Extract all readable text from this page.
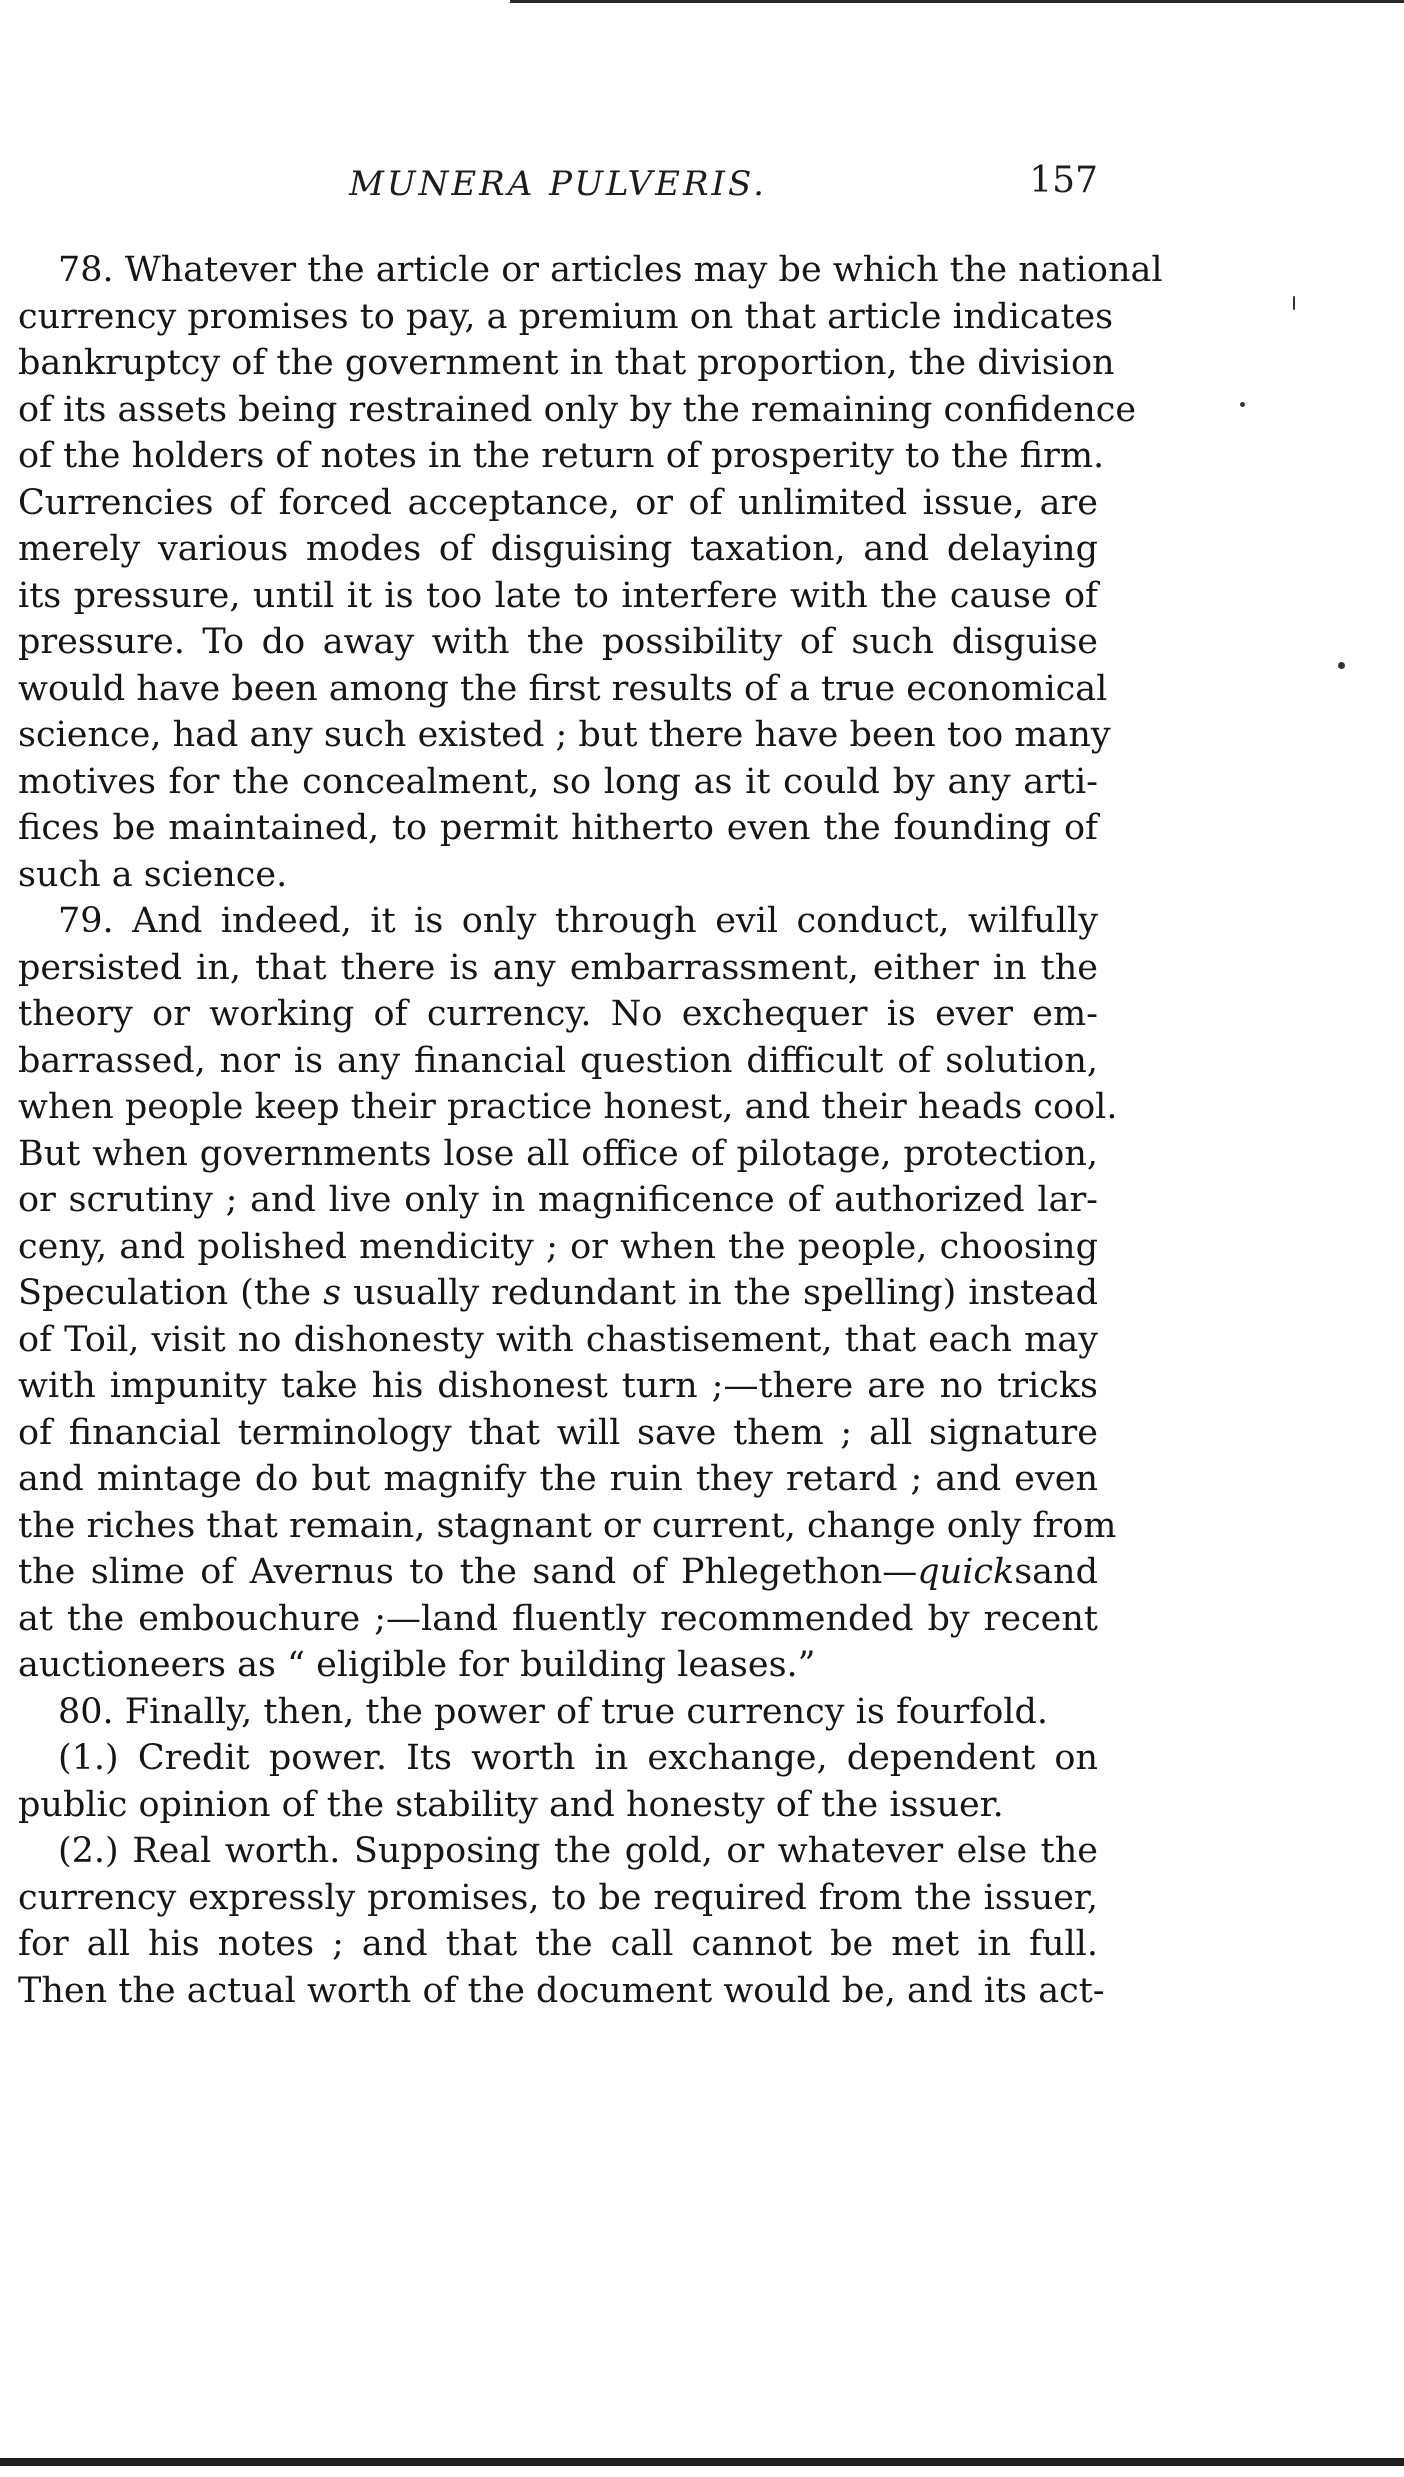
MUNERA PULVERIS.	157
78. Whatever the article or articles may be which the national
currency promises to pay, a premium on that article indicates
bankruptcy of the government in that proportion, the division
of its assets being restrained only by the remaining confidence
of the holders of notes in the return of prosperity to the firm.
Currencies of forced acceptance, or of unlimited issue, are
merely various modes of disguising taxation, and delaying
its pressure, until it is too late to interfere with the cause of
pressure. To do away with the possibility of such disguise
would have been among the first results of a true economical
science, had any such existed ; but there have been too many
motives for the concealment, so long as it could by any arti-
fices be maintained, to permit hitherto even the founding of
such a science.
79. And indeed, it is only through evil conduct, wilfully
persisted in, that there is any embarrassment, either in the
theory or working of currency. No exchequer is ever em-
barrassed, nor is any financial question difficult of solution,
when people keep their practice honest, and their heads cool.
But when governments lose all office of pilotage, protection,
or scrutiny ; and live only in magnificence of authorized lar-
ceny, and polished mendicity ; or when the people, choosing
Speculation (the s usually redundant in the spelling) instead
of Toil, visit no dishonesty with chastisement, that each may
with impunity take his dishonest turn ;—there are no tricks
of financial terminology that will save them ; all signature
and mintage do but magnify the ruin they retard ; and even
the riches that remain, stagnant or current, change only from
the slime of Avernus to the sand of Phlegethon—quicksand
at the embouchure ;—land fluently recommended by recent
auctioneers as “ eligible for building leases.”
80. Finally, then, the power of true currency is fourfold.
(1.) Credit power. Its worth in exchange, dependent on
public opinion of the stability and honesty of the issuer.
(2.) Real worth. Supposing the gold, or whatever else the
currency expressly promises, to be required from the issuer,
for all his notes ; and that the call cannot be met in full.
Then the actual worth of the document would be, and its act-
